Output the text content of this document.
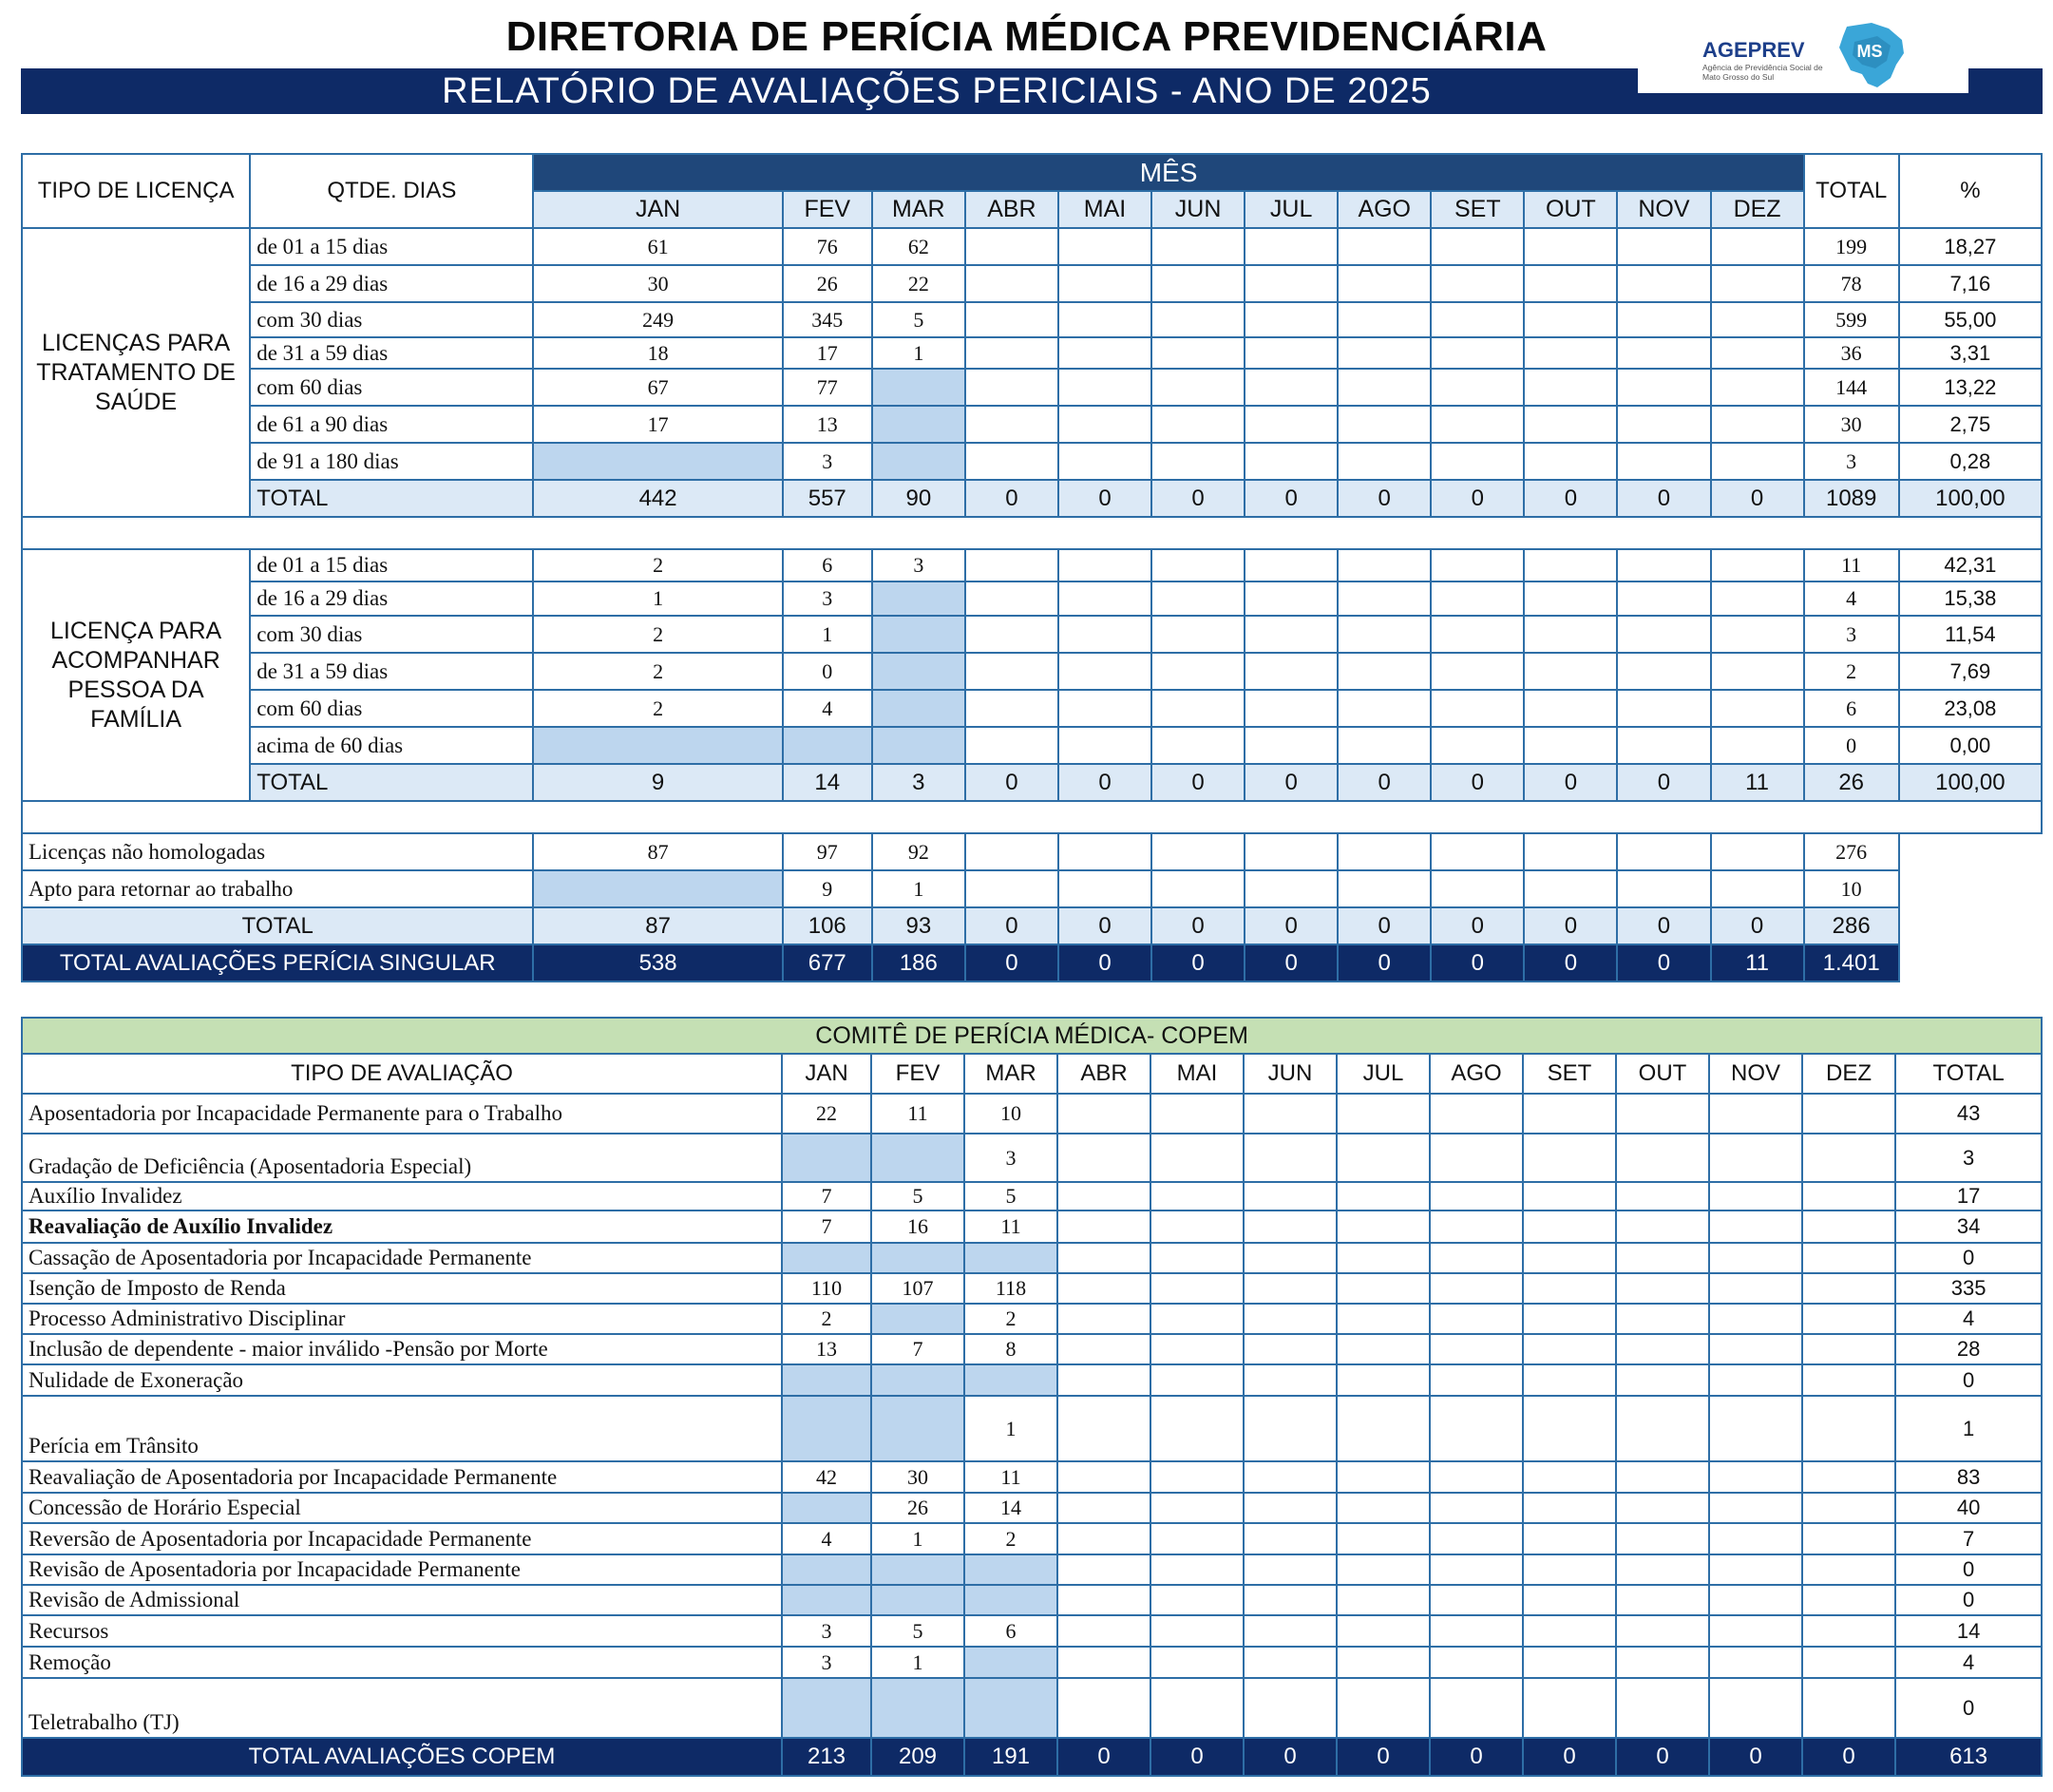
DIRETORIA DE PERÍCIA MÉDICA PREVIDENCIÁRIA
RELATÓRIO DE AVALIAÇÕES PERICIAIS - ANO DE 2025
MS
AGEPREV
Agência de Previdência Social de Mato Grosso do Sul
TIPO DE LICENÇA	QTDE. DIAS	MÊS												TOTAL	%
		JAN	FEV	MAR	ABR	MAI	JUN	JUL	AGO	SET	OUT	NOV	DEZ		
LICENÇAS PARA TRATAMENTO DE SAÚDE	de 01 a 15 dias	61	76	62										199	18,27
	de 16 a 29 dias	30	26	22										78	7,16
	com 30 dias	249	345	5										599	55,00
	de 31 a 59 dias	18	17	1										36	3,31
	com 60 dias	67	77											144	13,22
	de 61 a 90 dias	17	13											30	2,75
	de 91 a 180 dias		3											3	0,28
	TOTAL	442	557	90	0	0	0	0	0	0	0	0	0	1089	100,00

LICENÇA PARA ACOMPANHAR PESSOA DA FAMÍLIA	de 01 a 15 dias	2	6	3										11	42,31
	de 16 a 29 dias	1	3											4	15,38
	com 30 dias	2	1											3	11,54
	de 31 a 59 dias	2	0											2	7,69
	com 60 dias	2	4											6	23,08
	acima de 60 dias													0	0,00
	TOTAL	9	14	3	0	0	0	0	0	0	0	0	11	26	100,00

Licenças não homologadas		87	97	92										276	
Apto para retornar ao trabalho			9	1										10	
TOTAL		87	106	93	0	0	0	0	0	0	0	0	0	286	
TOTAL AVALIAÇÕES PERÍCIA SINGULAR		538	677	186	0	0	0	0	0	0	0	0	11	1.401	
COMITÊ DE PERÍCIA MÉDICA- COPEM													
TIPO DE AVALIAÇÃO	JAN	FEV	MAR	ABR	MAI	JUN	JUL	AGO	SET	OUT	NOV	DEZ	TOTAL
Aposentadoria por Incapacidade Permanente para o Trabalho	22	11	10										43
Gradação de Deficiência (Aposentadoria Especial)			3										3
Auxílio Invalidez	7	5	5										17
Reavaliação de Auxílio Invalidez	7	16	11										34
Cassação de Aposentadoria por Incapacidade Permanente													0
Isenção de Imposto de Renda	110	107	118										335
Processo Administrativo Disciplinar	2		2										4
Inclusão de dependente - maior inválido -Pensão por Morte	13	7	8										28
Nulidade de Exoneração													0
Perícia em Trânsito			1										1
Reavaliação de Aposentadoria por Incapacidade Permanente	42	30	11										83
Concessão de Horário Especial		26	14										40
Reversão de Aposentadoria por Incapacidade Permanente	4	1	2										7
Revisão de Aposentadoria por Incapacidade Permanente													0
Revisão de Admissional													0
Recursos	3	5	6										14
Remoção	3	1											4
Teletrabalho (TJ)													0
TOTAL AVALIAÇÕES COPEM	213	209	191	0	0	0	0	0	0	0	0	0	613
